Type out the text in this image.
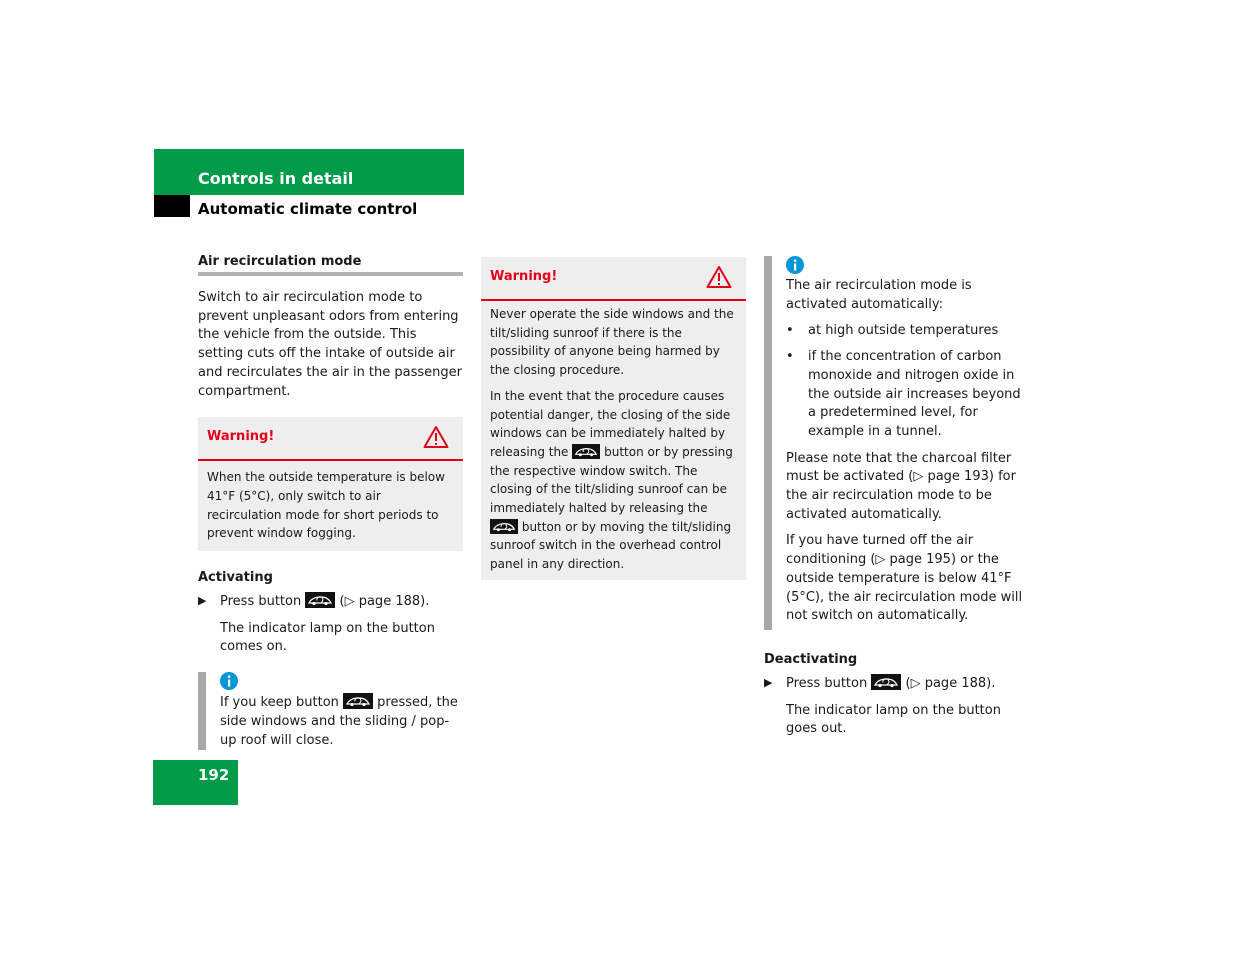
Controls in detail
Automatic climate control
Air recirculation mode

Switch to air recirculation mode to prevent unpleasant odors from entering the vehicle from the outside. This setting cuts off the intake of outside air and recirculates the air in the passenger compartment.

Warning!

When the outside temperature is below 41°F (5°C), only switch to air recirculation mode for short periods to prevent window fogging.

Activating
▶ Press button	(▷ page 188).

The indicator lamp on the button comes on.

If you keep button	pressed, the side windows and the sliding / pop-up roof will close.

Warning!

Never operate the side windows and the tilt/sliding sunroof if there is the possibility of anyone being harmed by the closing procedure.

In the event that the procedure causes potential danger, the closing of the side windows can be immediately halted by releasing the	button or by pressing the respective window switch. The closing of the tilt/sliding sunroof can be immediately halted by releasing the  button or by moving the tilt/sliding sunroof switch in the overhead control panel in any direction.

The air recirculation mode is activated automatically:

• at high outside temperatures
• if the concentration of carbon monoxide and nitrogen oxide in the outside air increases beyond a predetermined level, for example in a tunnel.

Please note that the charcoal filter must be activated (▷ page 193) for the air recirculation mode to be activated automatically.

If you have turned off the air conditioning (▷ page 195) or the outside temperature is below 41°F (5°C), the air recirculation mode will not switch on automatically.

Deactivating
▶ Press button	(▷ page 188).

The indicator lamp on the button goes out.

192
